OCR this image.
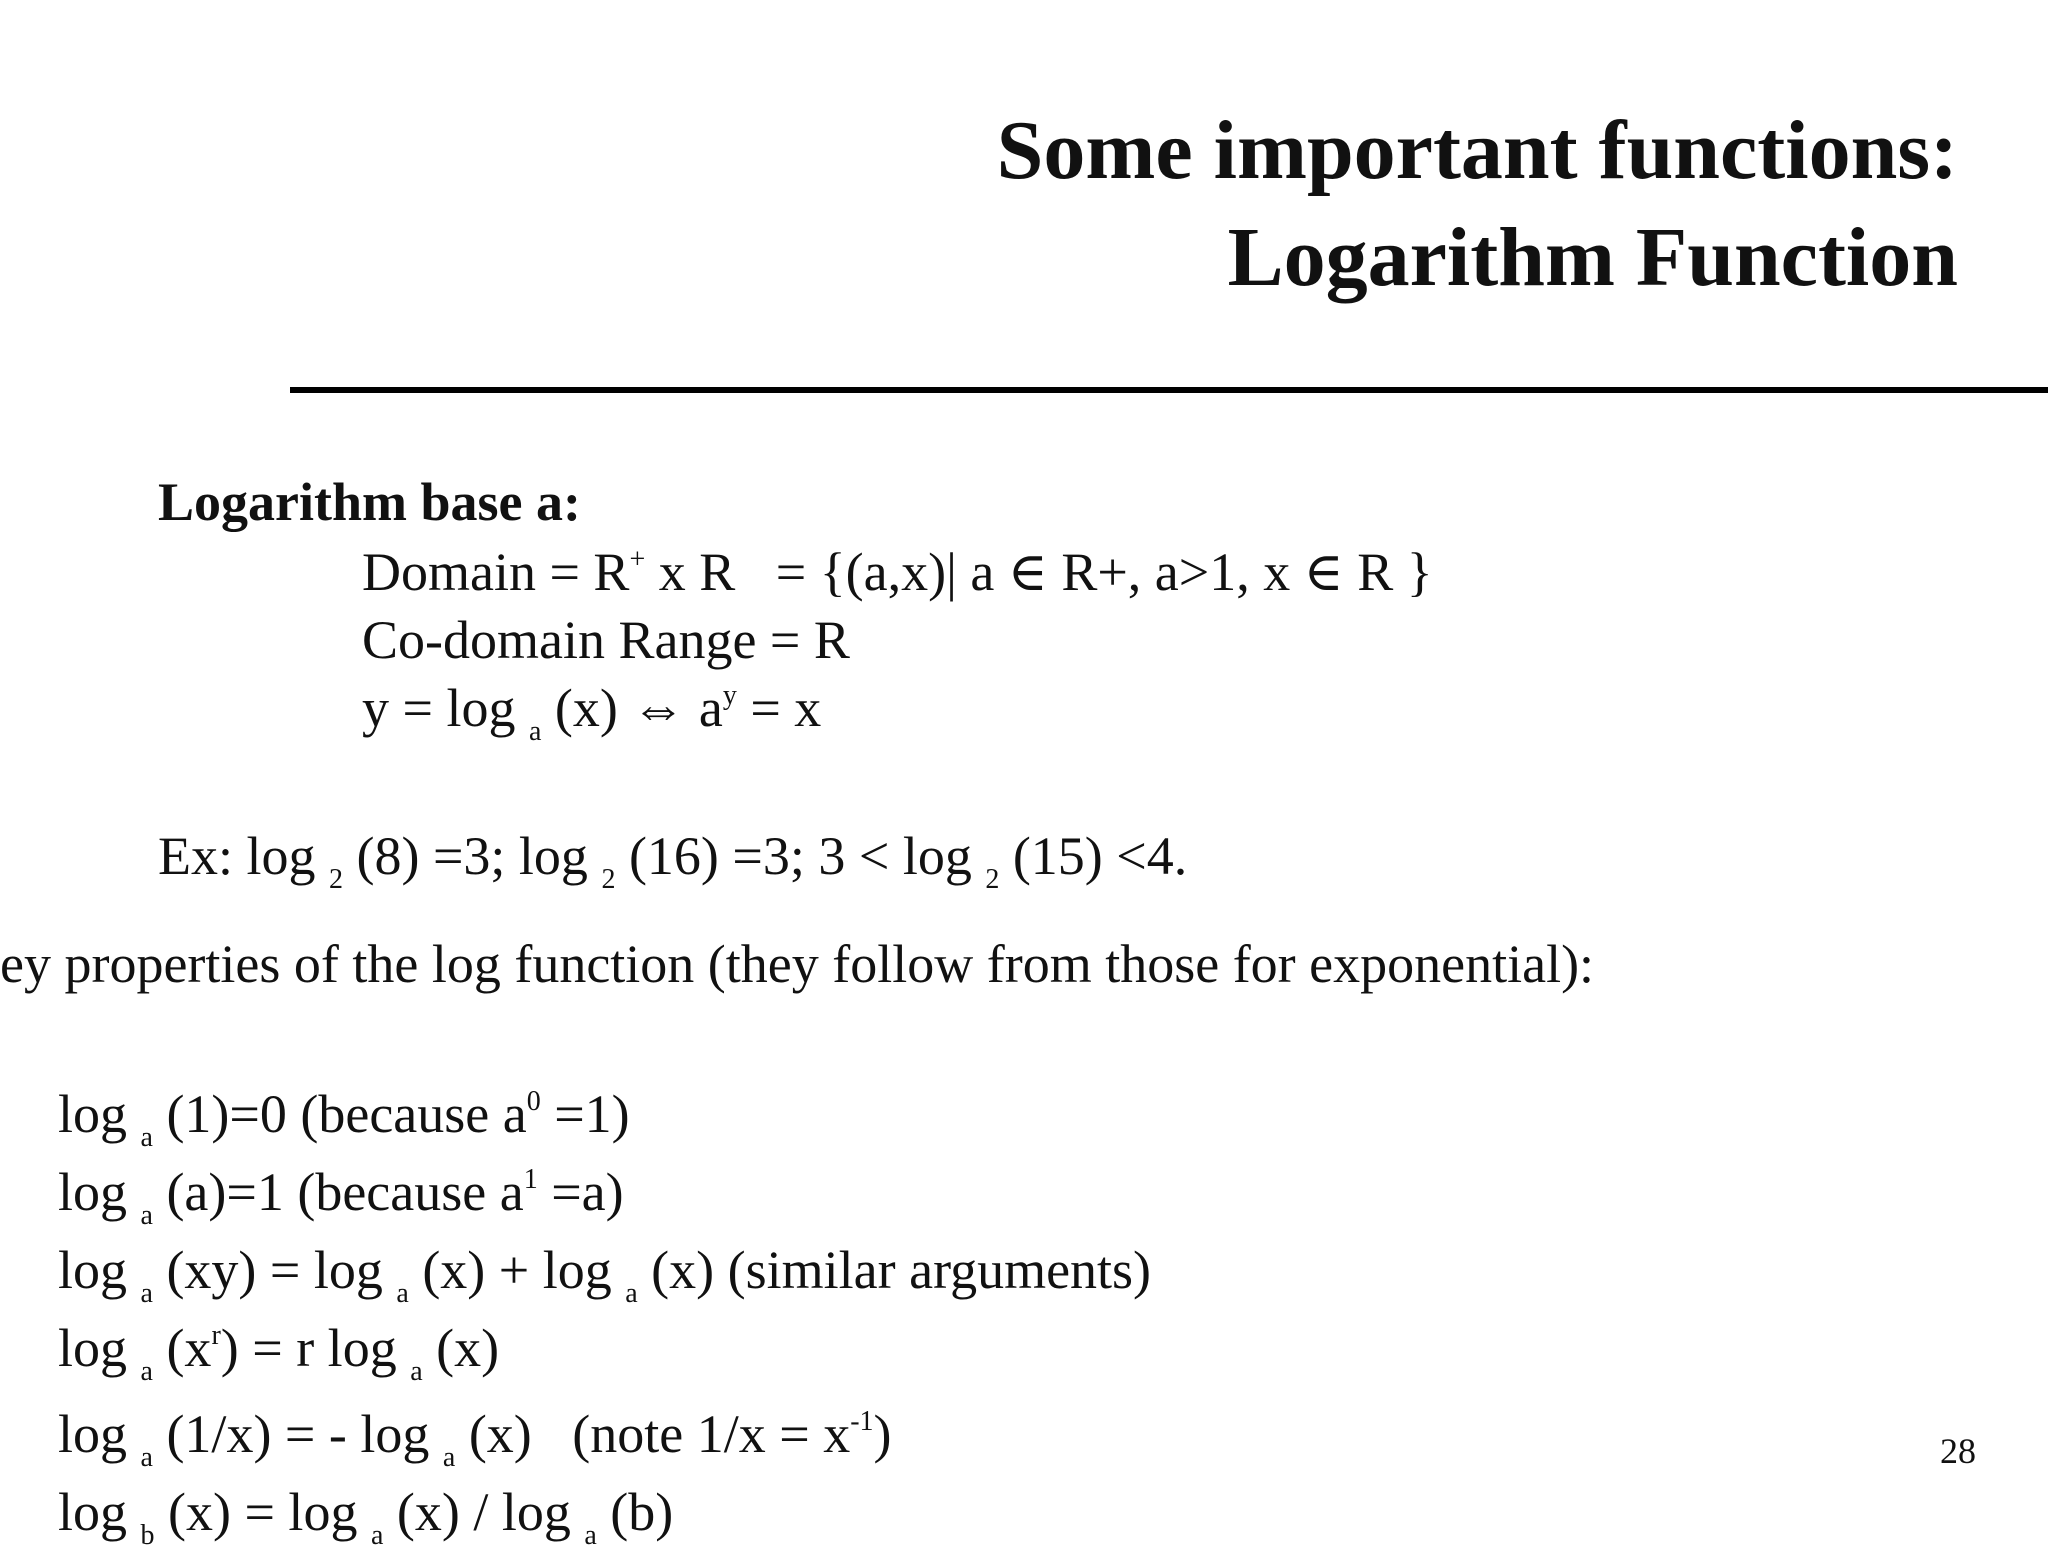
Some important functions:
Logarithm Function
Logarithm base a:
Domain = R+ x R   = {(a,x)| a ∈ R+, a>1, x ∈ R }
Co-domain Range = R
y = log $_a$ (x) ⇔ $a^y = x$
Ex: log $_2$ (8) =3; log $_2$ (16) =3; 3 < log $_2$ (15) <4.
ey properties of the log function (they follow from those for exponential):
log $_a$ (1)=0 (because $a^0 =1$)
log $_a$ (a)=1 (because $a^1 =a$)
log $_a$ (xy) = log $_a$ (x) + log $_a$ (x) (similar arguments)
log $_a$ $(x^r) = r$ log $_a$ (x)
log $_a$ (1/x) = - log $_a$ (x)   (note $1/x = x^{-1}$)
log $_b$ (x) = log $_a$ (x) / log $_a$ (b)
28
